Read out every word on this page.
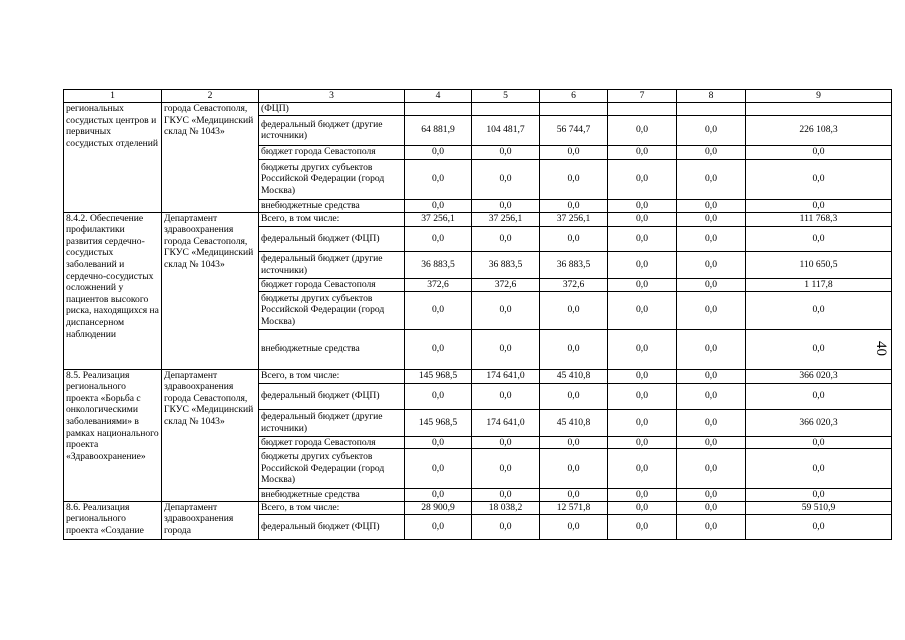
1	2	3	4	5	6	7	8	9
региональных сосудистых центров и первичных сосудистых отделений	города Севастополя, ГКУС «Медицинский склад № 1043»	(ФЦП)						
		федеральный бюджет (другие источники)	64 881,9	104 481,7	56 744,7	0,0	0,0	226 108,3
		бюджет города Севастополя	0,0	0,0	0,0	0,0	0,0	0,0
		бюджеты других субъектов Российской Федерации (город Москва)	0,0	0,0	0,0	0,0	0,0	0,0
		внебюджетные средства	0,0	0,0	0,0	0,0	0,0	0,0
8.4.2. Обеспечение профилактики развития сердечно-сосудистых заболеваний и сердечно-сосудистых осложнений у пациентов высокого риска, находящихся на диспансерном наблюдении	Департамент здравоохранения города Севастополя, ГКУС «Медицинский склад № 1043»	Всего, в том числе:	37 256,1	37 256,1	37 256,1	0,0	0,0	111 768,3
		федеральный бюджет (ФЦП)	0,0	0,0	0,0	0,0	0,0	0,0
		федеральный бюджет (другие источники)	36 883,5	36 883,5	36 883,5	0,0	0,0	110 650,5
		бюджет города Севастополя	372,6	372,6	372,6	0,0	0,0	1 117,8
		бюджеты других субъектов Российской Федерации (город Москва)	0,0	0,0	0,0	0,0	0,0	0,0
		внебюджетные средства	0,0	0,0	0,0	0,0	0,0	0,0
8.5. Реализация регионального проекта «Борьба с онкологическими заболеваниями» в рамках национального проекта «Здравоохранение»	Департамент здравоохранения города Севастополя, ГКУС «Медицинский склад № 1043»	Всего, в том числе:	145 968,5	174 641,0	45 410,8	0,0	0,0	366 020,3
		федеральный бюджет (ФЦП)	0,0	0,0	0,0	0,0	0,0	0,0
		федеральный бюджет (другие источники)	145 968,5	174 641,0	45 410,8	0,0	0,0	366 020,3
		бюджет города Севастополя	0,0	0,0	0,0	0,0	0,0	0,0
		бюджеты других субъектов Российской Федерации (город Москва)	0,0	0,0	0,0	0,0	0,0	0,0
		внебюджетные средства	0,0	0,0	0,0	0,0	0,0	0,0
8.6. Реализация регионального проекта «Создание	Департамент здравоохранения города	Всего, в том числе:	28 900,9	18 038,2	12 571,8	0,0	0,0	59 510,9
		федеральный бюджет (ФЦП)	0,0	0,0	0,0	0,0	0,0	0,0
40
